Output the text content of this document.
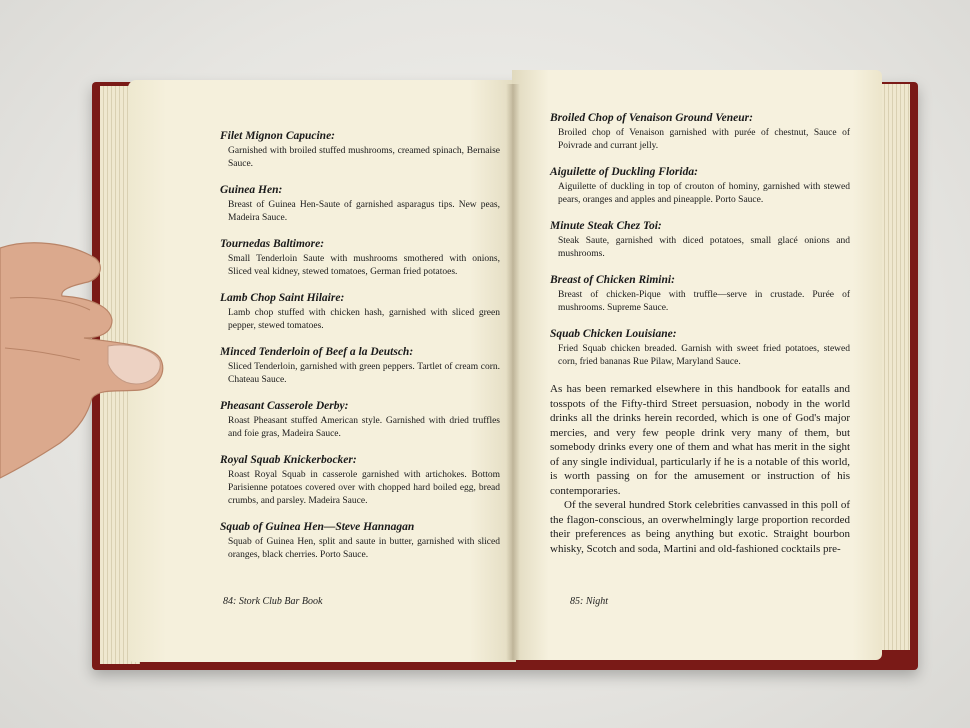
Filet Mignon Capucine:
Garnished with broiled stuffed mushrooms, creamed spinach, Bernaise Sauce.
Guinea Hen:
Breast of Guinea Hen-Saute of garnished asparagus tips. New peas, Madeira Sauce.
Tournedas Baltimore:
Small Tenderloin Saute with mushrooms smothered with onions, Sliced veal kidney, stewed tomatoes, German fried potatoes.
Lamb Chop Saint Hilaire:
Lamb chop stuffed with chicken hash, garnished with sliced green pepper, stewed tomatoes.
Minced Tenderloin of Beef a la Deutsch:
Sliced Tenderloin, garnished with green peppers. Tartlet of cream corn. Chateau Sauce.
Pheasant Casserole Derby:
Roast Pheasant stuffed American style. Garnished with dried truffles and foie gras, Madeira Sauce.
Royal Squab Knickerbocker:
Roast Royal Squab in casserole garnished with artichokes. Bottom Parisienne potatoes covered over with chopped hard boiled egg, bread crumbs, and parsley. Madeira Sauce.
Squab of Guinea Hen—Steve Hannagan
Squab of Guinea Hen, split and saute in butter, garnished with sliced oranges, black cherries. Porto Sauce.
84: Stork Club Bar Book
Broiled Chop of Venaison Ground Veneur:
Broiled chop of Venaison garnished with purée of chestnut, Sauce of Poivrade and currant jelly.
Aiguilette of Duckling Florida:
Aiguilette of duckling in top of crouton of hominy, garnished with stewed pears, oranges and apples and pineapple. Porto Sauce.
Minute Steak Chez Toi:
Steak Saute, garnished with diced potatoes, small glacé onions and mushrooms.
Breast of Chicken Rimini:
Breast of chicken-Pique with truffle—serve in crustade. Purée of mushrooms. Supreme Sauce.
Squab Chicken Louisiane:
Fried Squab chicken breaded. Garnish with sweet fried potatoes, stewed corn, fried bananas Rue Pilaw, Maryland Sauce.

As has been remarked elsewhere in this handbook for eatalls and tosspots of the Fifty-third Street persuasion, nobody in the world drinks all the drinks herein recorded, which is one of God's major mercies, and very few people drink very many of them, but somebody drinks every one of them and what has merit in the sight of any single individual, particularly if he is a notable of this world, is worth passing on for the amusement or instruction of his contemporaries.

Of the several hundred Stork celebrities canvassed in this poll of the flagon-conscious, an overwhelmingly large proportion recorded their preferences as being anything but exotic. Straight bourbon whisky, Scotch and soda, Martini and old-fashioned cocktails pre-

85: Night
